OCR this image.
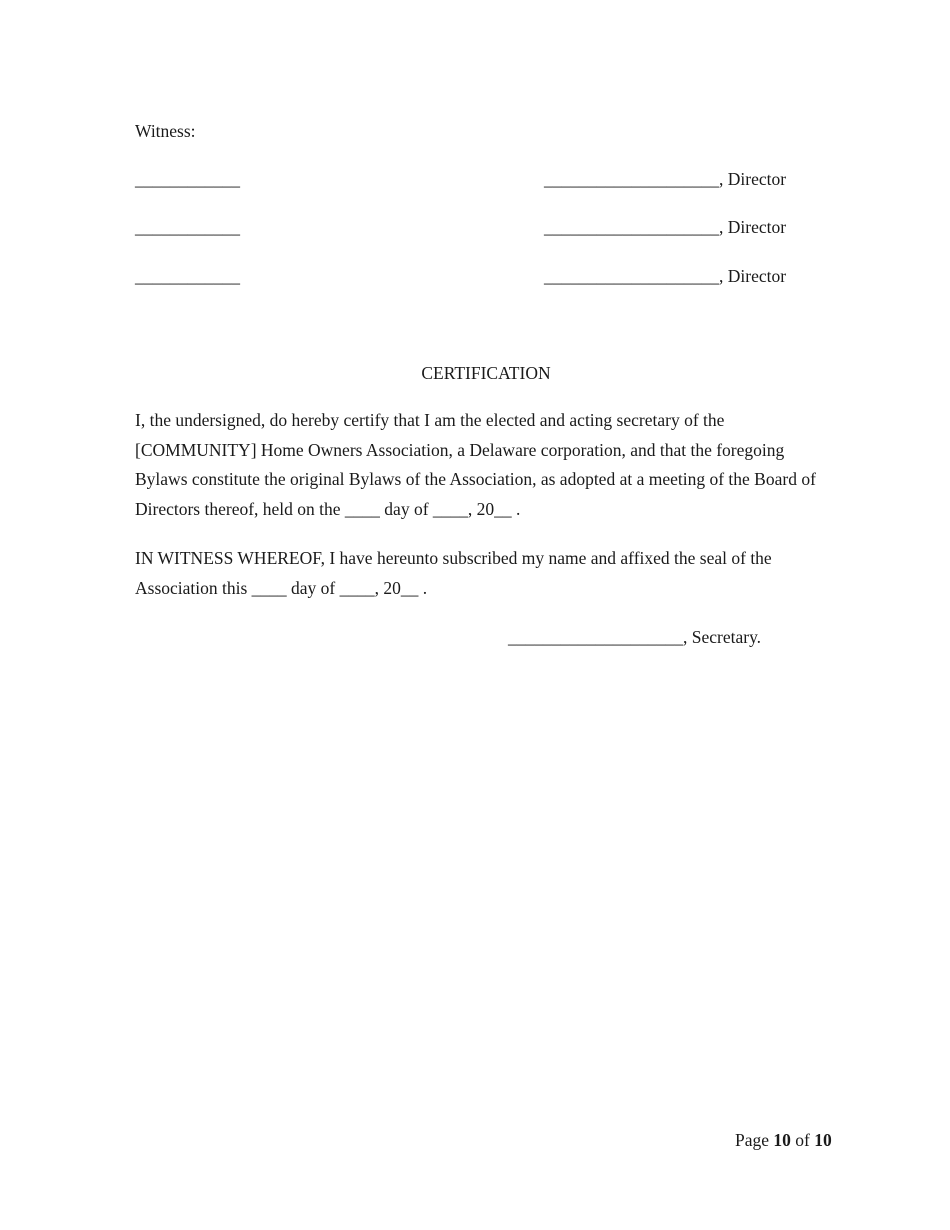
Witness:
____________	____________________, Director
____________	____________________, Director
____________	____________________, Director
CERTIFICATION
I, the undersigned, do hereby certify that I am the elected and acting secretary of the [COMMUNITY] Home Owners Association, a Delaware corporation, and that the foregoing Bylaws constitute the original Bylaws of the Association, as adopted at a meeting of the Board of Directors thereof, held on the ____ day of ____, 20__ .
IN WITNESS WHEREOF, I have hereunto subscribed my name and affixed the seal of the Association this ____ day of ____, 20__ .
____________________, Secretary.
Page 10 of 10
